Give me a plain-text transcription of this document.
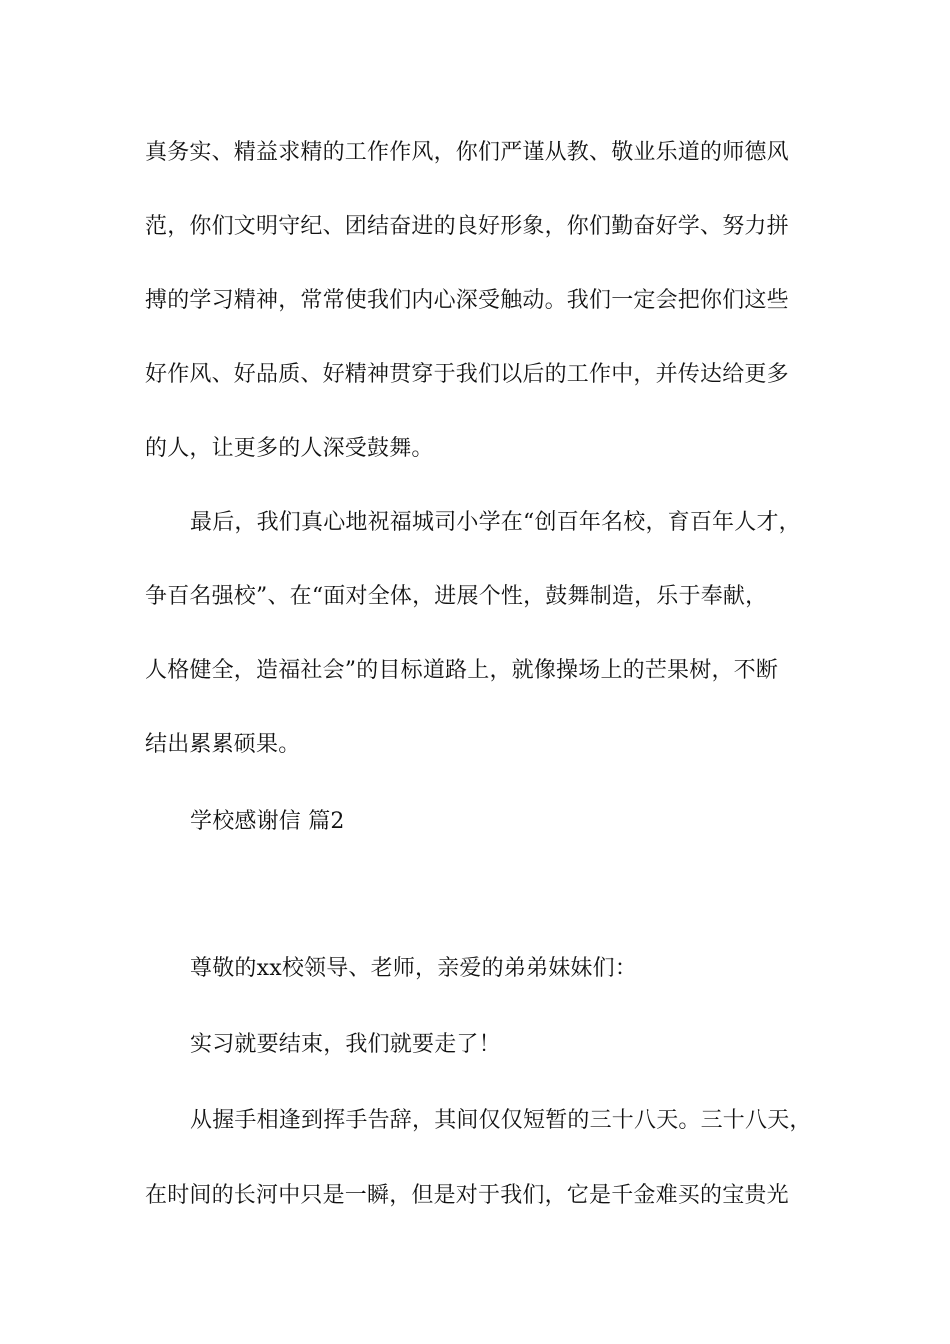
真务实、精益求精的工作作风，你们严谨从教、敬业乐道的师德风

范，你们文明守纪、团结奋进的良好形象，你们勤奋好学、努力拼

搏的学习精神，常常使我们内心深受触动。我们一定会把你们这些

好作风、好品质、好精神贯穿于我们以后的工作中，并传达给更多

的人，让更多的人深受鼓舞。

最后，我们真心地祝福城司小学在“创百年名校，育百年人才，

争百名强校”、在“面对全体，进展个性，鼓舞制造，乐于奉献，

人格健全，造福社会”的目标道路上，就像操场上的芒果树，不断

结出累累硕果。

学校感谢信 篇2

尊敬的xx校领导、老师，亲爱的弟弟妹妹们：

实习就要结束，我们就要走了！

从握手相逢到挥手告辞，其间仅仅短暂的三十八天。三十八天，

在时间的长河中只是一瞬，但是对于我们，它是千金难买的宝贵光
